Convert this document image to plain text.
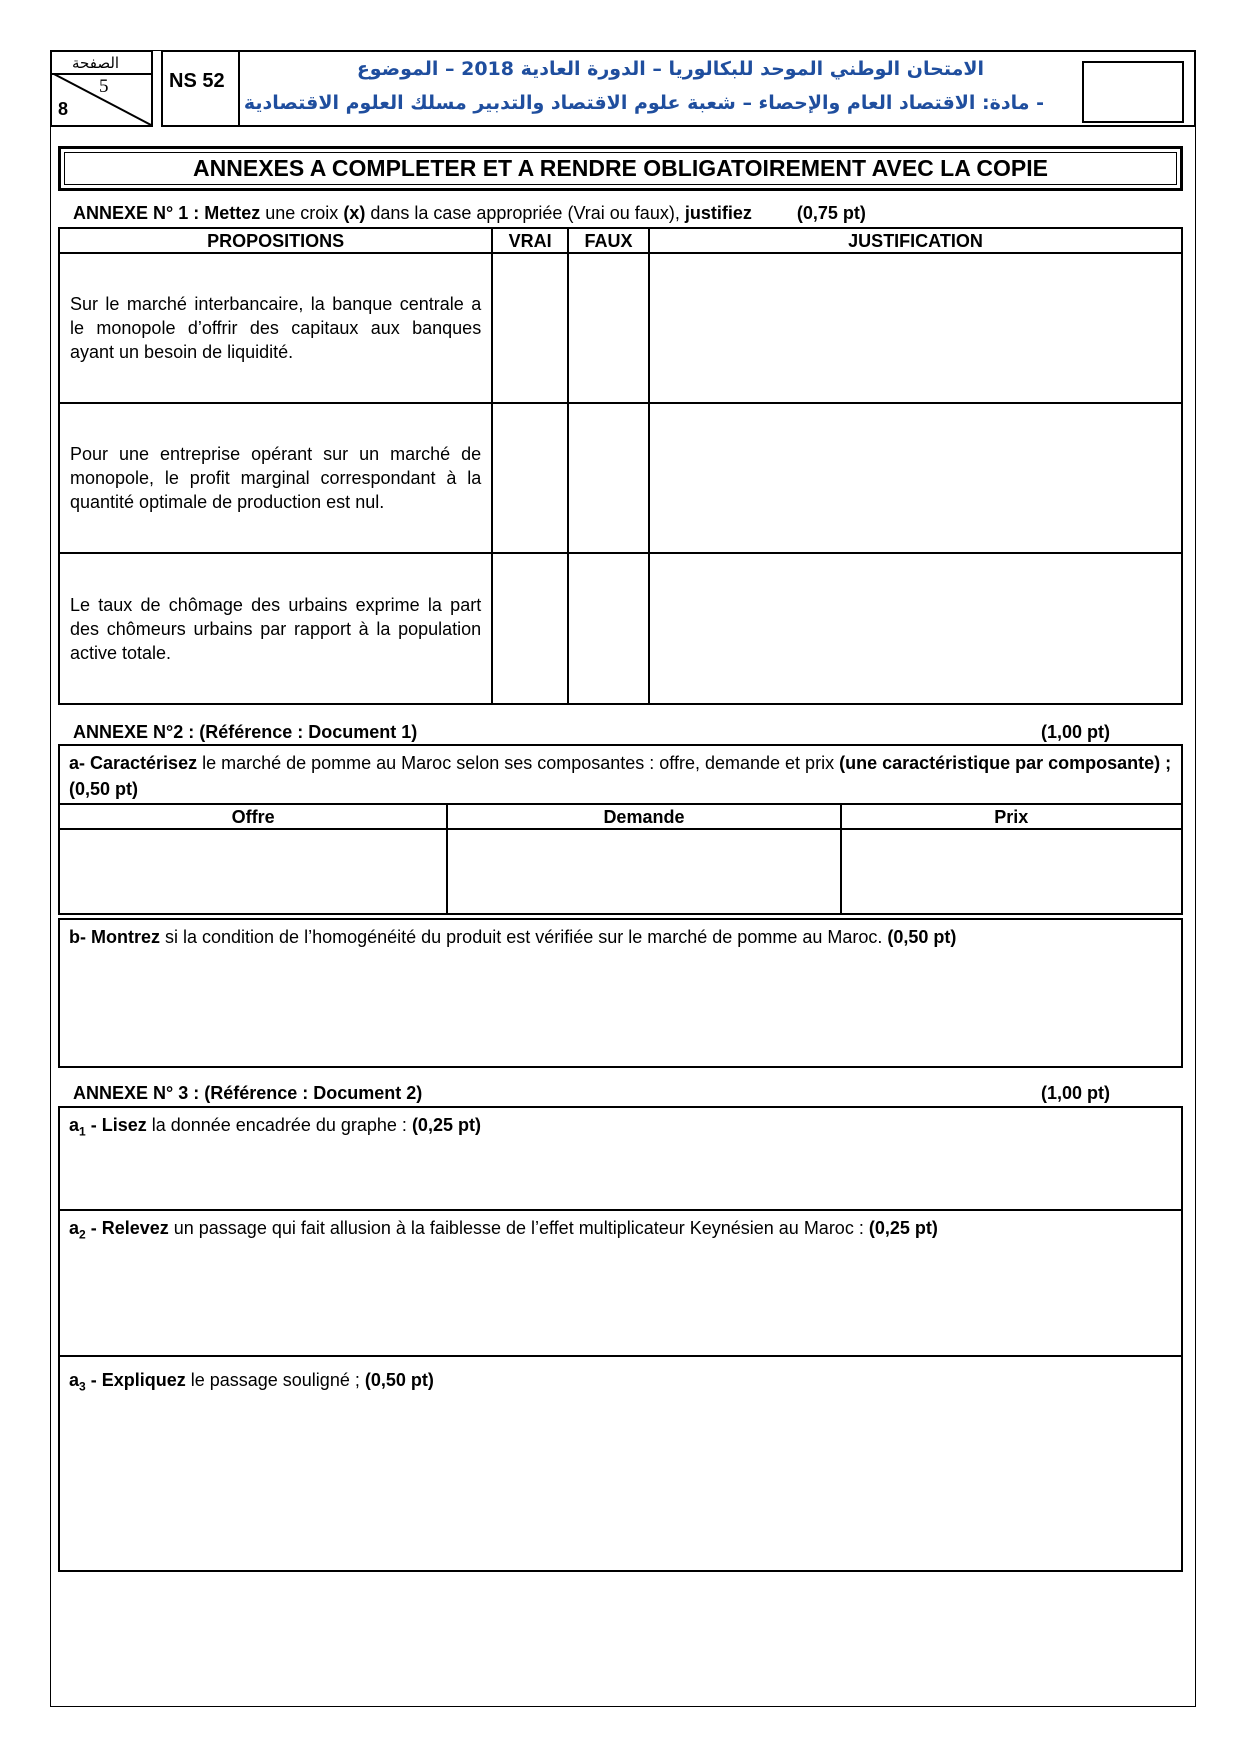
الصفحة
5
8
NS 52
الامتحان الوطني الموحد للبكالوريا – الدورة العادية 2018 – الموضوع
- مادة: الاقتصاد العام والإحصاء – شعبة علوم الاقتصاد والتدبير مسلك العلوم الاقتصادية
ANNEXES A COMPLETER ET A RENDRE OBLIGATOIREMENT AVEC LA COPIE
ANNEXE N° 1 : Mettez une croix (x) dans la case appropriée (Vrai ou faux), justifiez	(0,75 pt)
PROPOSITIONS	VRAI	FAUX	JUSTIFICATION
Sur le marché interbancaire, la banque centrale a le monopole d’offrir des capitaux aux banques ayant un besoin de liquidité.			
Pour une entreprise opérant sur un marché de monopole, le profit marginal correspondant à la quantité optimale de production est nul.			
Le taux de chômage des urbains exprime la part des chômeurs urbains par rapport à la population active totale.			
ANNEXE N°2 : (Référence : Document 1)	(1,00 pt)
a- Caractérisez le marché de pomme au Maroc selon ses composantes : offre, demande et prix (une caractéristique par composante) ; (0,50 pt)
Offre	Demande	Prix

b- Montrez si la condition de l’homogénéité du produit est vérifiée sur le marché de pomme au Maroc. (0,50 pt)
ANNEXE N° 3 : (Référence : Document 2)	(1,00 pt)
$a_1$ - Lisez la donnée encadrée du graphe : (0,25 pt)
$a_2$ - Relevez un passage qui fait allusion à la faiblesse de l’effet multiplicateur Keynésien au Maroc : (0,25 pt)
$a_3$ - Expliquez le passage souligné ; (0,50 pt)
